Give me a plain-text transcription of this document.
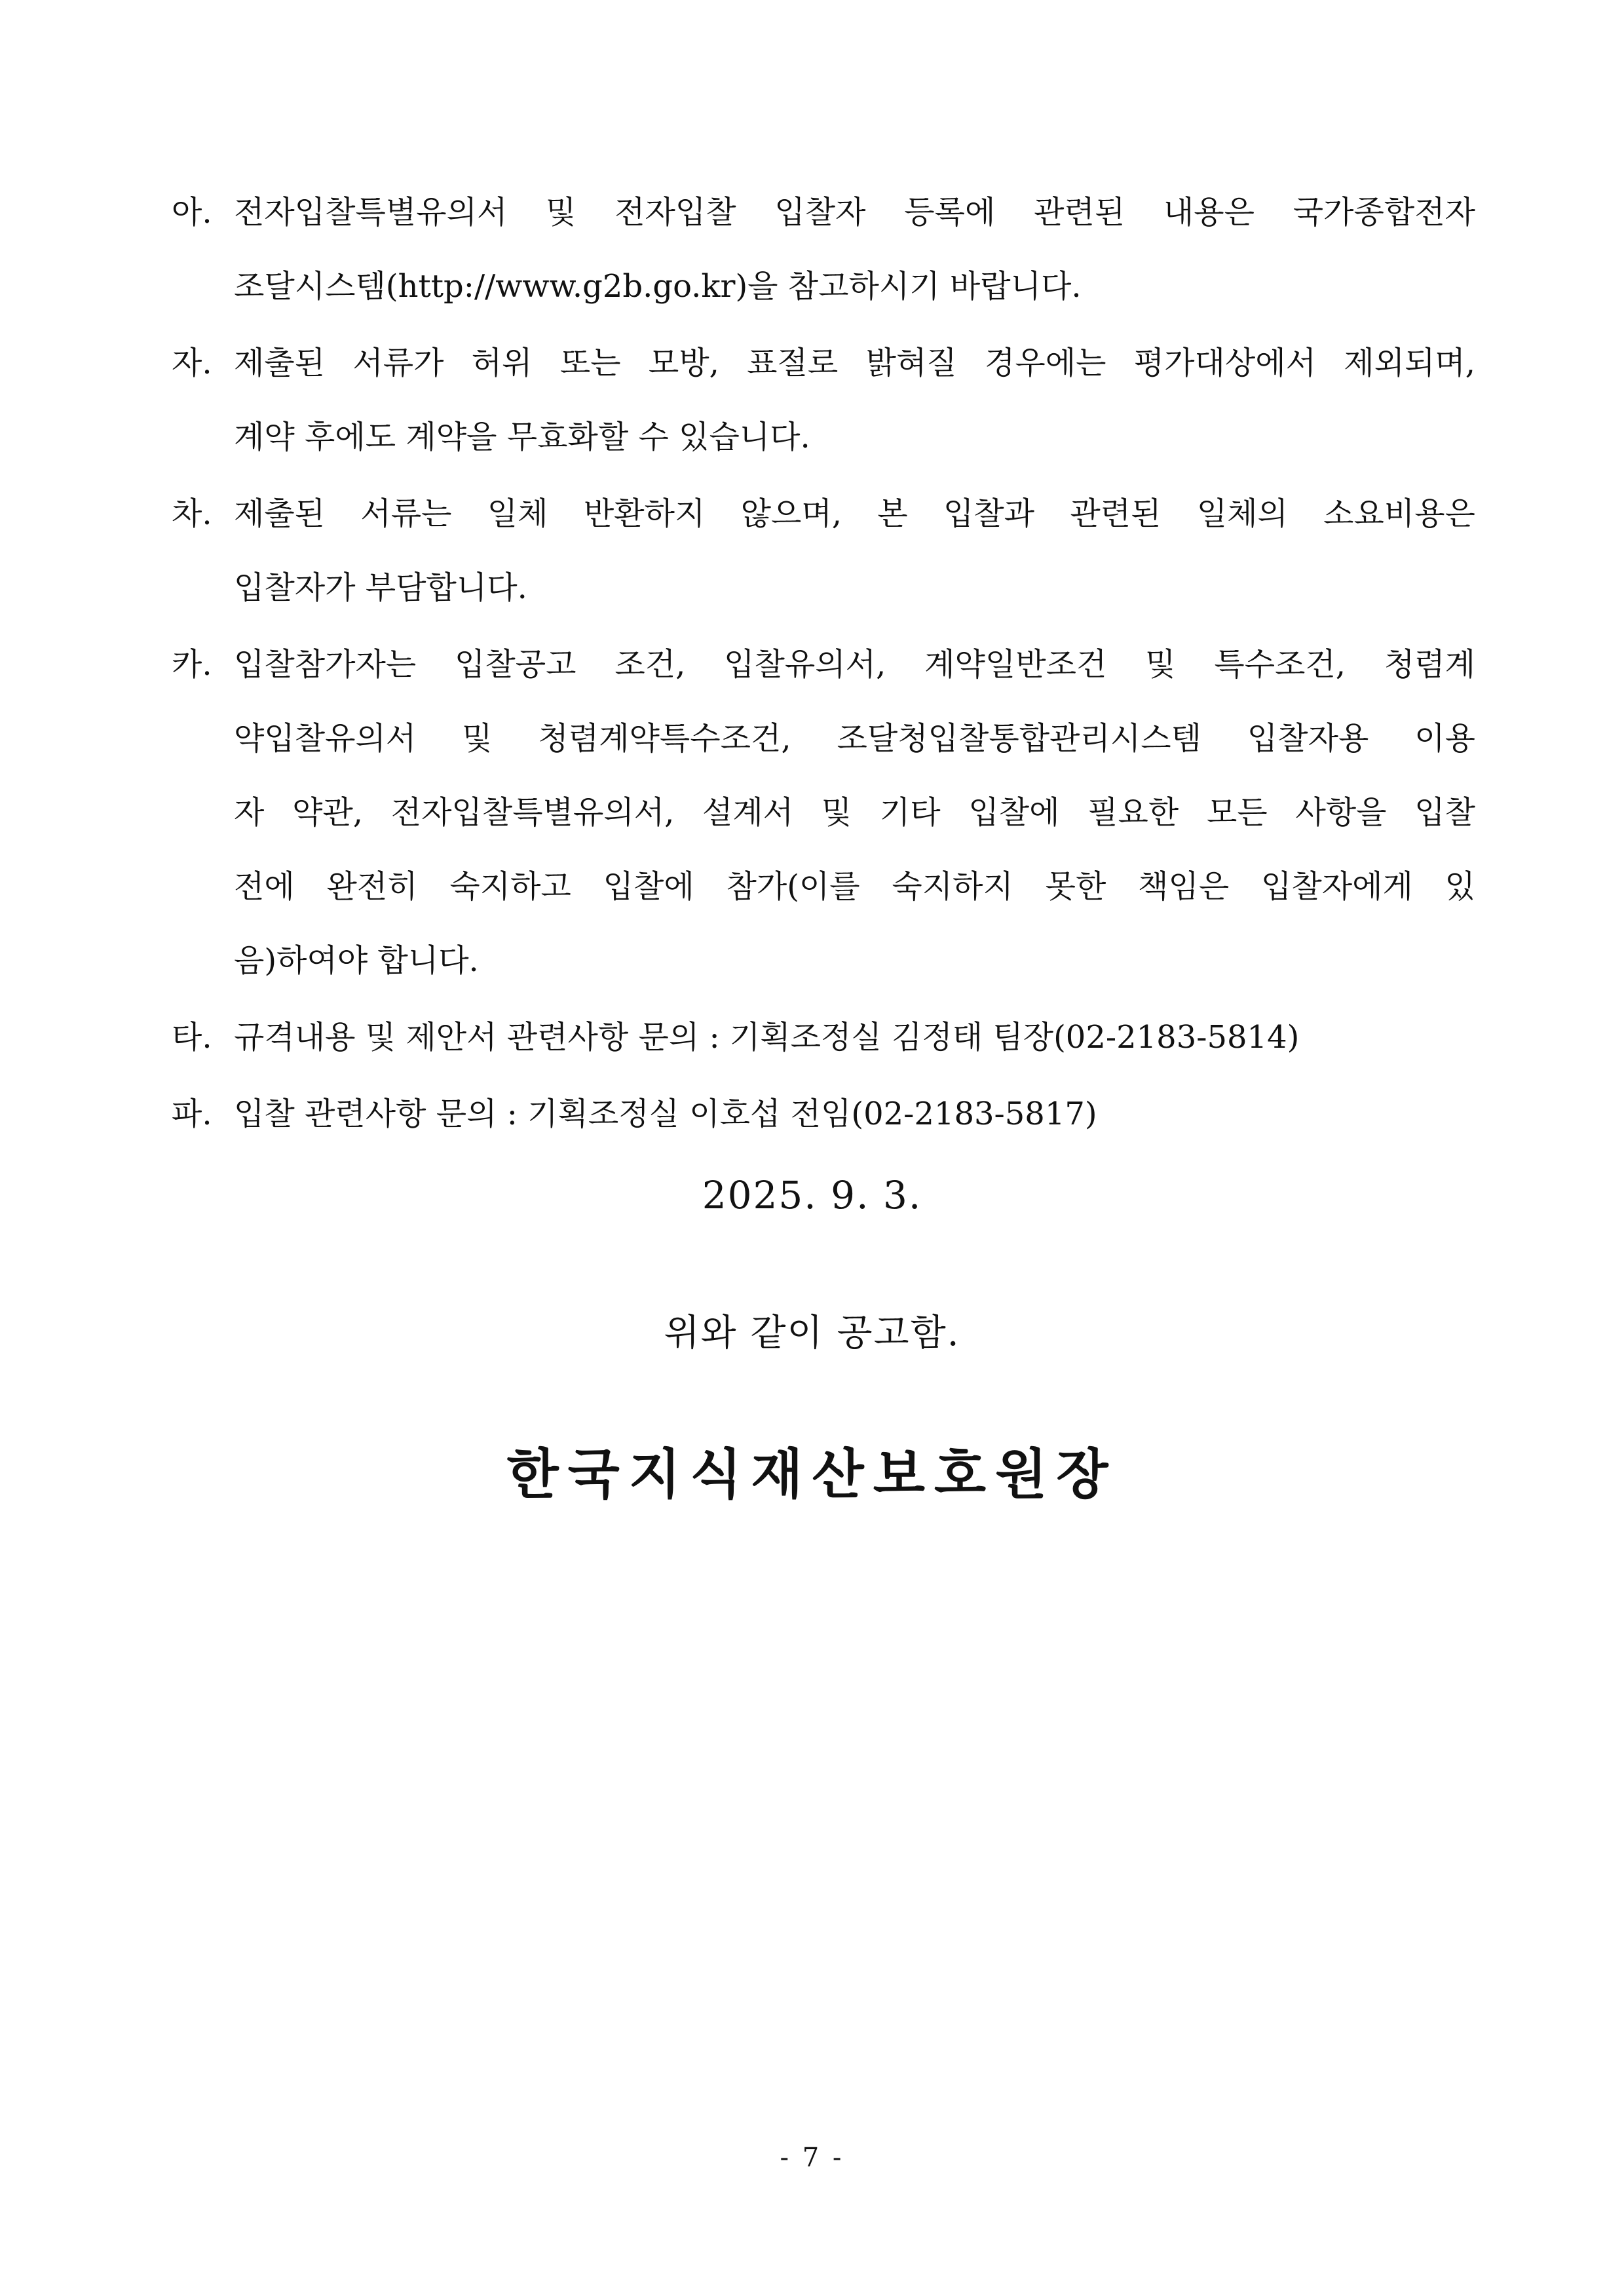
아. 전자입찰특별유의서 및 전자입찰 입찰자 등록에 관련된 내용은 국가종합전자
조달시스템(http://www.g2b.go.kr)을 참고하시기 바랍니다.
자. 제출된 서류가 허위 또는 모방, 표절로 밝혀질 경우에는 평가대상에서 제외되며,
계약 후에도 계약을 무효화할 수 있습니다.
차. 제출된 서류는 일체 반환하지 않으며, 본 입찰과 관련된 일체의 소요비용은
입찰자가 부담합니다.
카. 입찰참가자는 입찰공고 조건, 입찰유의서, 계약일반조건 및 특수조건, 청렴계
약입찰유의서 및 청렴계약특수조건, 조달청입찰통합관리시스템 입찰자용 이용
자 약관, 전자입찰특별유의서, 설계서 및 기타 입찰에 필요한 모든 사항을 입찰
전에 완전히 숙지하고 입찰에 참가(이를 숙지하지 못한 책임은 입찰자에게 있
음)하여야 합니다.
타. 규격내용 및 제안서 관련사항 문의 : 기획조정실 김정태 팀장(02-2183-5814)
파. 입찰 관련사항 문의 : 기획조정실 이호섭 전임(02-2183-5817)
2025. 9. 3.
위와 같이 공고함.
한국지식재산보호원장
- 7 -
